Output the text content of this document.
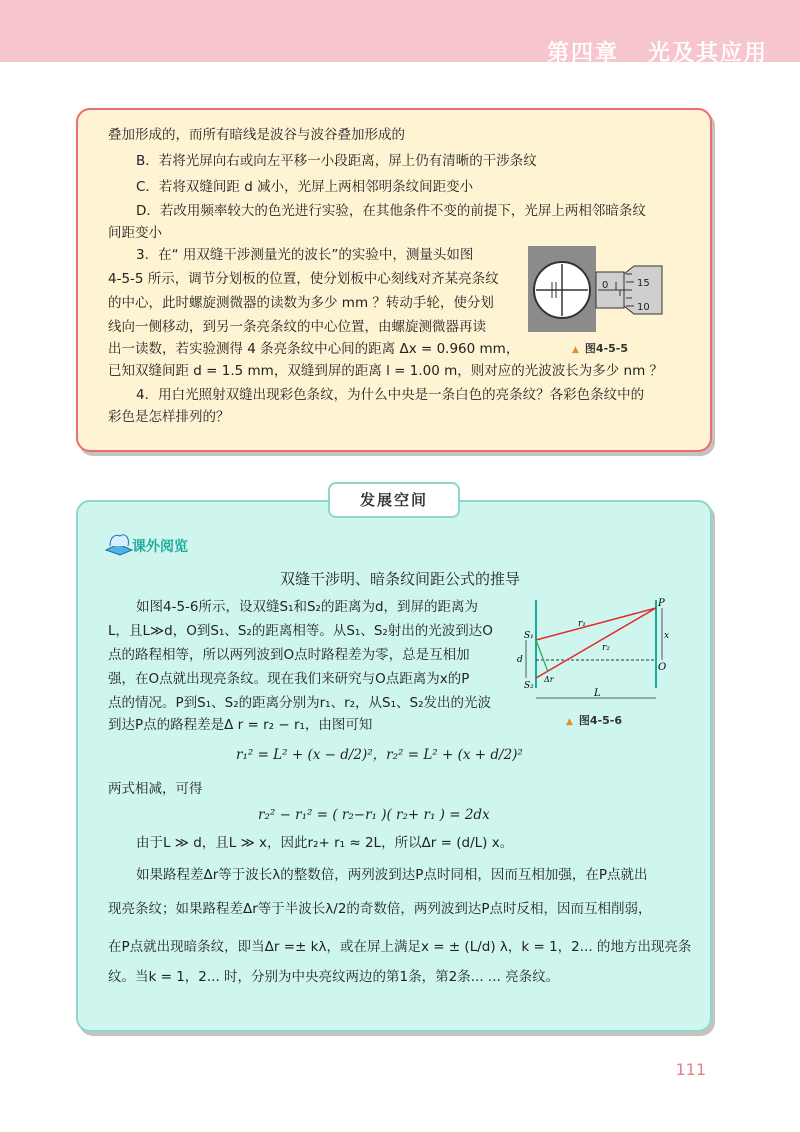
第四章 光及其应用
叠加形成的，而所有暗线是波谷与波谷叠加形成的
B．若将光屏向右或向左平移一小段距离，屏上仍有清晰的干涉条纹
C．若将双缝间距 d 减小，光屏上两相邻明条纹间距变小
D．若改用频率较大的色光进行实验，在其他条件不变的前提下，光屏上两相邻暗条纹
间距变小
3．在“ 用双缝干涉测量光的波长”的实验中，测量头如图
4-5-5 所示，调节分划板的位置，使分划板中心刻线对齐某亮条纹
的中心，此时螺旋测微器的读数为多少 mm ？转动手轮，使分划
线向一侧移动，到另一条亮条纹的中心位置，由螺旋测微器再读
出一读数，若实验测得 4 条亮条纹中心间的距离 Δx = 0.960 mm，
已知双缝间距 d = 1.5 mm，双缝到屏的距离 l = 1.00 m，则对应的光波波长为多少 nm ？
4．用白光照射双缝出现彩色条纹，为什么中央是一条白色的亮条纹？各彩色条纹中的
彩色是怎样排列的？
15
10
0
▲ 图4-5-5
发展空间
课外阅览
双缝干涉明、暗条纹间距公式的推导
如图4-5-6所示，设双缝S₁和S₂的距离为d，到屏的距离为
L，且L≫d，O到S₁、S₂的距离相等。从S₁、S₂射出的光波到达O
点的路程相等，所以两列波到O点时路程差为零，总是互相加
强，在O点就出现亮条纹。现在我们来研究与O点距离为x的P
点的情况。P到S₁、S₂的距离分别为r₁、r₂，从S₁、S₂发出的光波
到达P点的路程差是Δ r = r₂ − r₁，由图可知
P
O
S₁
S₂
r₁
r₂
x
d
L
Δr
▲ 图4-5-6
r₁² = L² + (x − d/2)²，r₂² = L² + (x + d/2)²
两式相减，可得
r₂² − r₁² = ( r₂−r₁ )( r₂+ r₁ ) = 2dx
由于L ≫ d，且L ≫ x，因此r₂+ r₁ ≈ 2L，所以Δr = (d/L) x。
如果路程差Δr等于波长λ的整数倍，两列波到达P点时同相，因而互相加强，在P点就出
现亮条纹；如果路程差Δr等于半波长λ/2的奇数倍，两列波到达P点时反相，因而互相削弱，
在P点就出现暗条纹，即当Δr =± kλ，或在屏上满足x = ± (L/d) λ，k = 1，2... 的地方出现亮条
纹。当k = 1，2... 时，分别为中央亮纹两边的第1条，第2条... ... 亮条纹。
111
